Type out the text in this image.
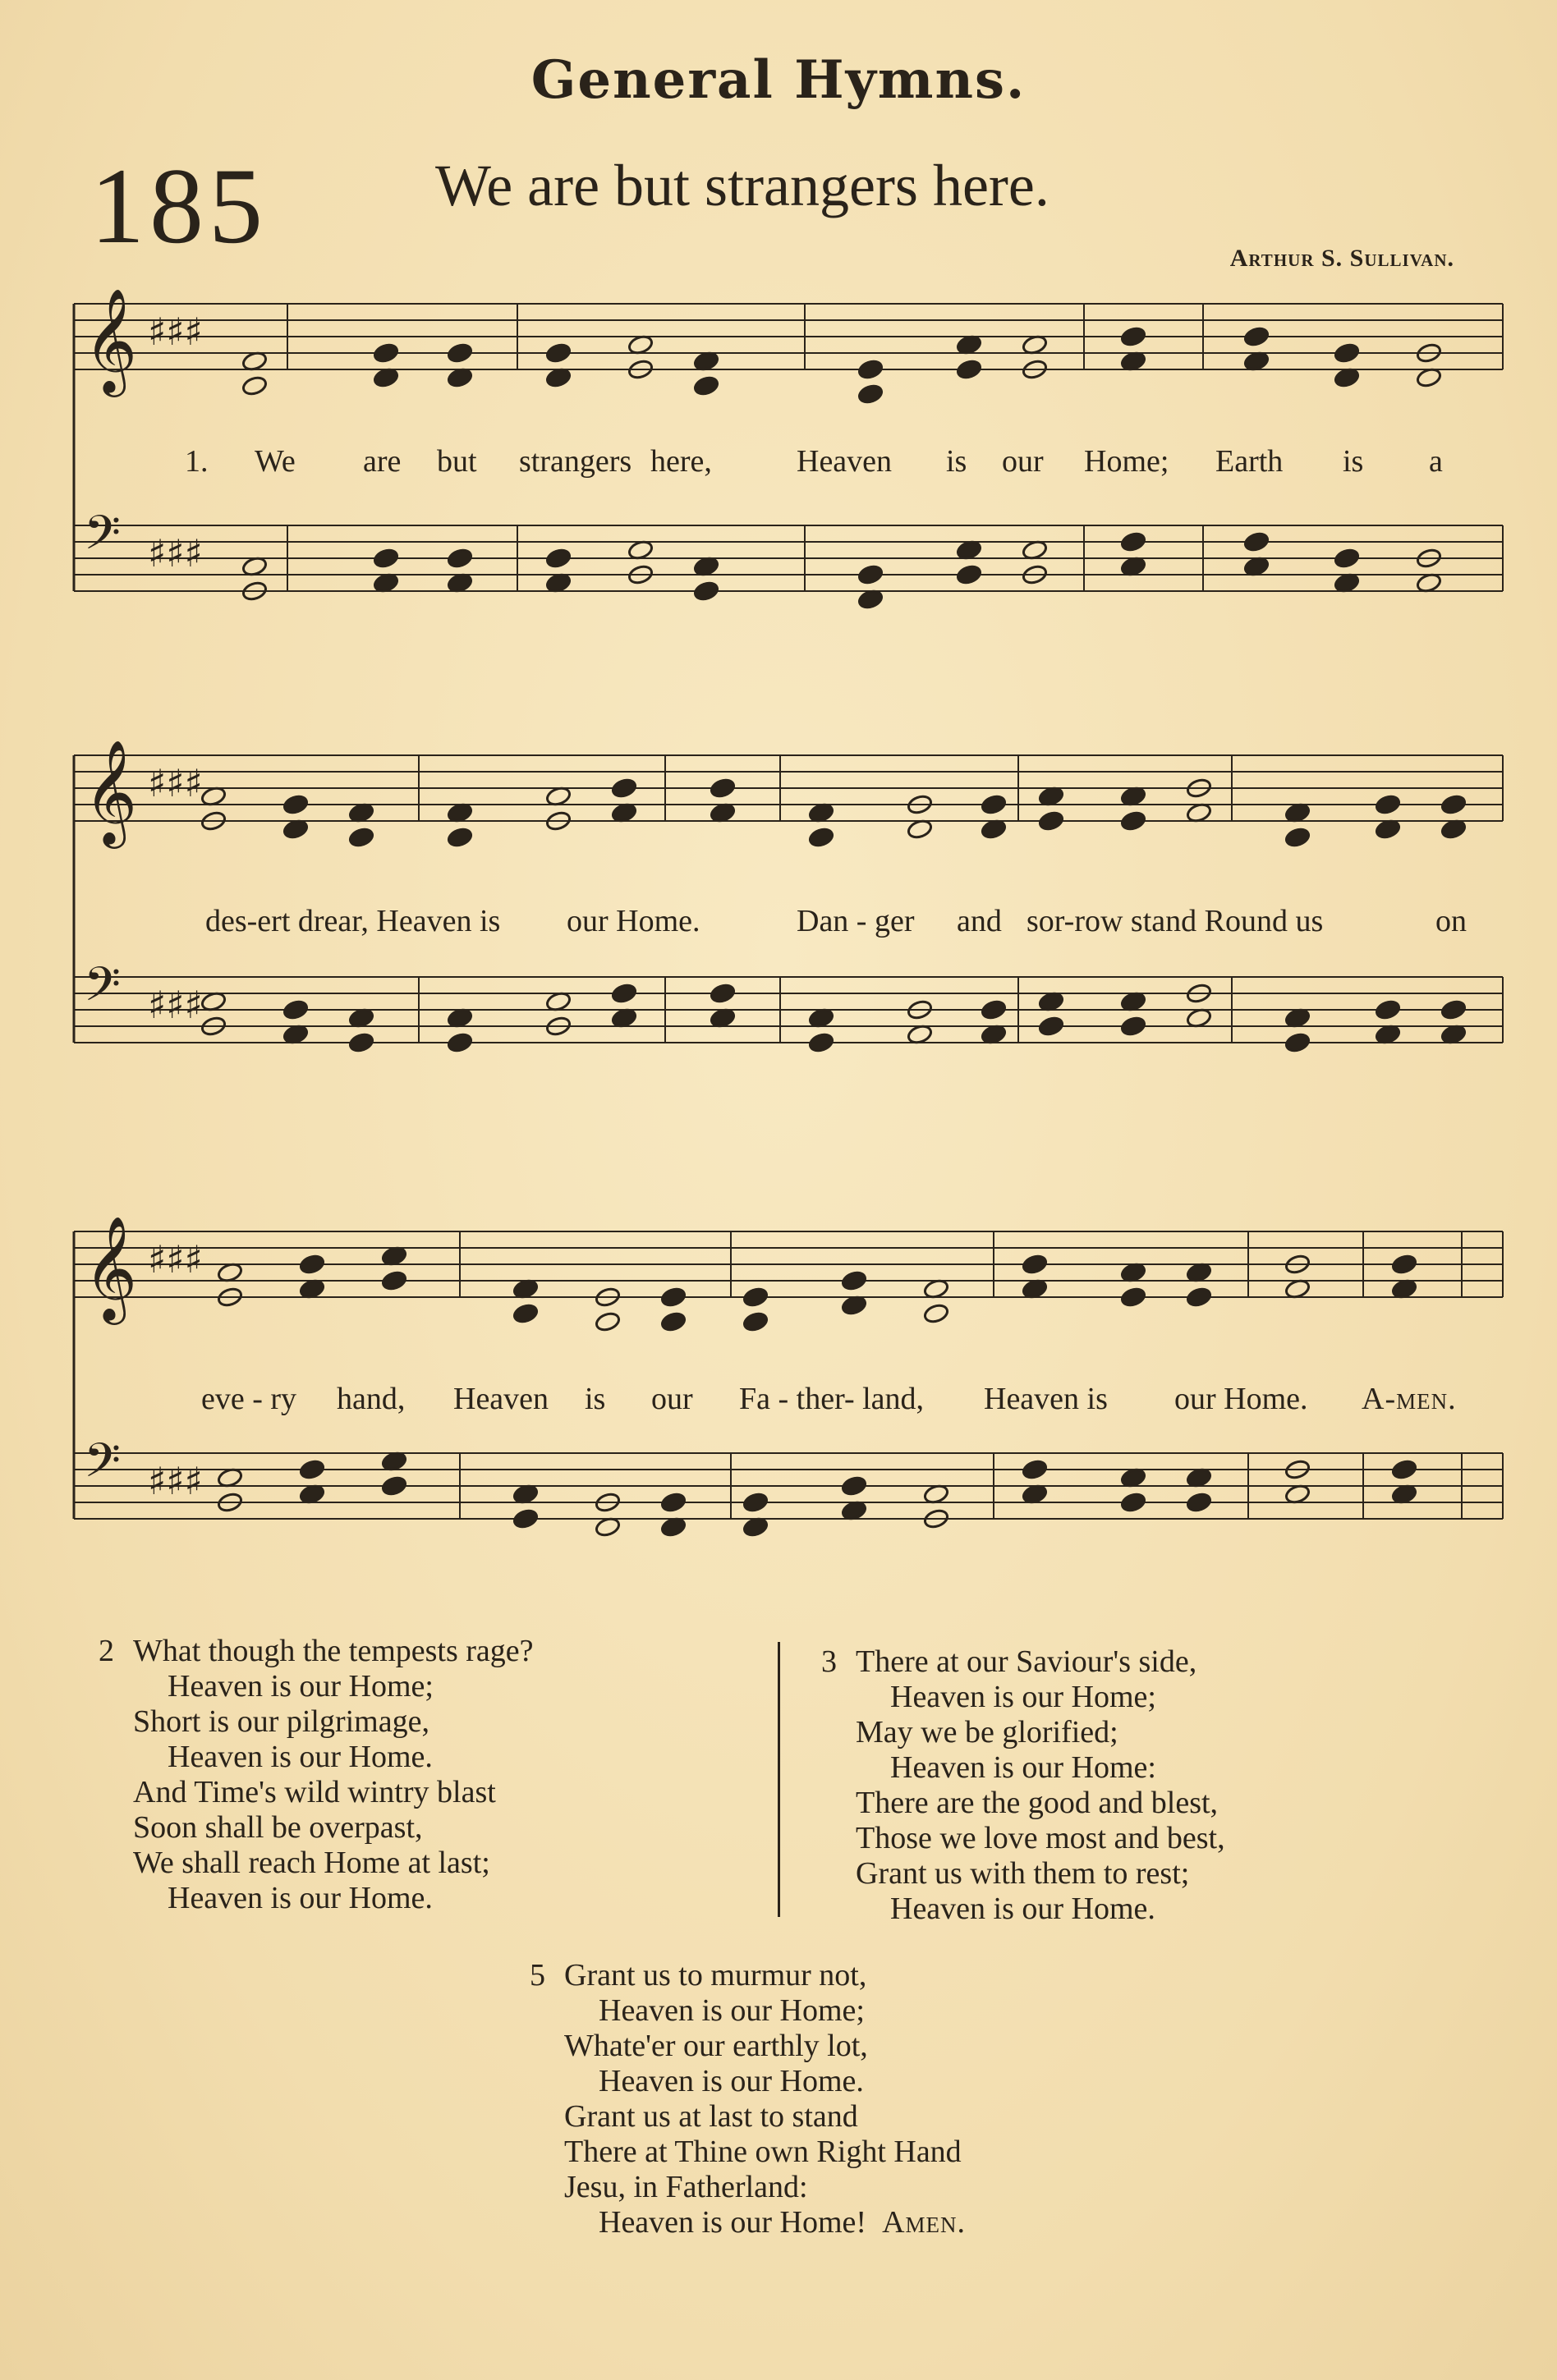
General Hymns.
185	We are but strangers here.
Arthur S. Sullivan.
𝄞 ♯♯♯
𝄢 ♯♯♯
1. We are but strangers here,	Heaven is our Home; Earth is a
𝄞 ♯♯♯
𝄢 ♯♯♯
des-ert drear, Heaven is our Home.	Dan - ger and sor-row stand Round us	on
𝄞 ♯♯♯
𝄢 ♯♯♯
eve - ry hand, Heaven is our Fa - ther- land, Heaven is our Home. A-men.
2 What though the tempests rage?
Heaven is our Home;
Short is our pilgrimage,
Heaven is our Home.
And Time's wild wintry blast
Soon shall be overpast,
We shall reach Home at last;
Heaven is our Home.
3 There at our Saviour's side,
Heaven is our Home;
May we be glorified;
Heaven is our Home:
There are the good and blest,
Those we love most and best,
Grant us with them to rest;
Heaven is our Home.
5 Grant us to murmur not,
Heaven is our Home;
Whate'er our earthly lot,
Heaven is our Home.
Grant us at last to stand
There at Thine own Right Hand
Jesu, in Fatherland:
Heaven is our Home! Amen.
